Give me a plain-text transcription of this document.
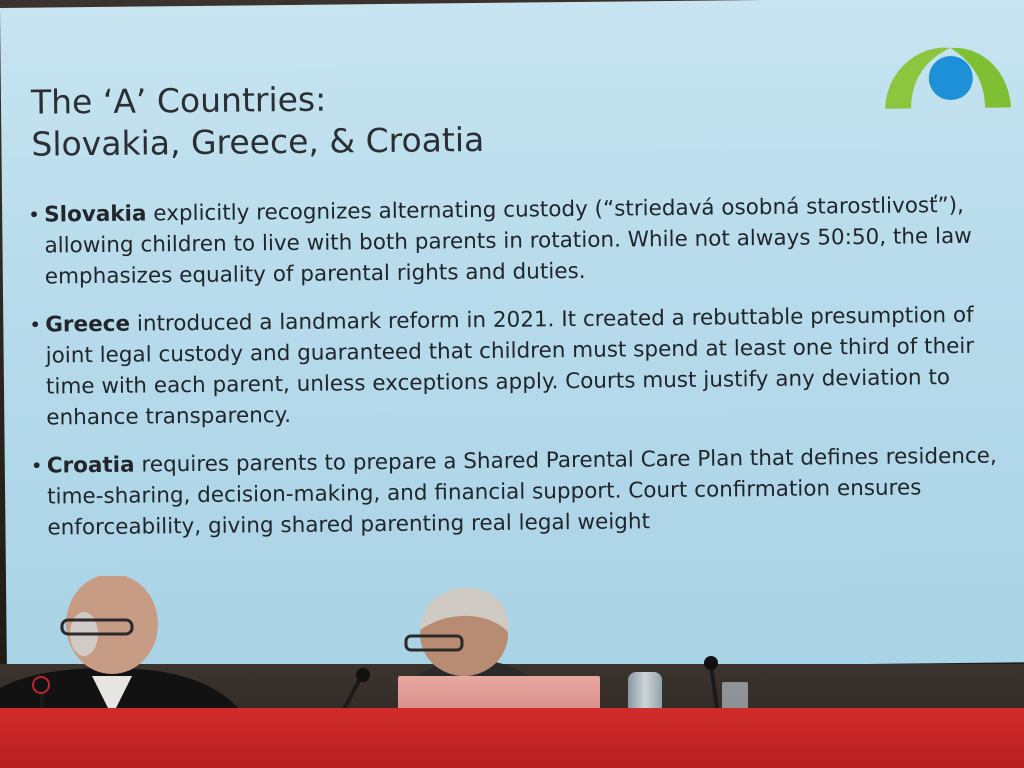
The ‘A’ Countries:
Slovakia, Greece, & Croatia
• Slovakia explicitly recognizes alternating custody (“striedavá osobná starostlivosť”), allowing children to live with both parents in rotation. While not always 50:50, the law emphasizes equality of parental rights and duties.
• Greece introduced a landmark reform in 2021. It created a rebuttable presumption of joint legal custody and guaranteed that children must spend at least one third of their time with each parent, unless exceptions apply. Courts must justify any deviation to enhance transparency.
• Croatia requires parents to prepare a Shared Parental Care Plan that defines residence, time-sharing, decision-making, and financial support. Court confirmation ensures enforceability, giving shared parenting real legal weight
